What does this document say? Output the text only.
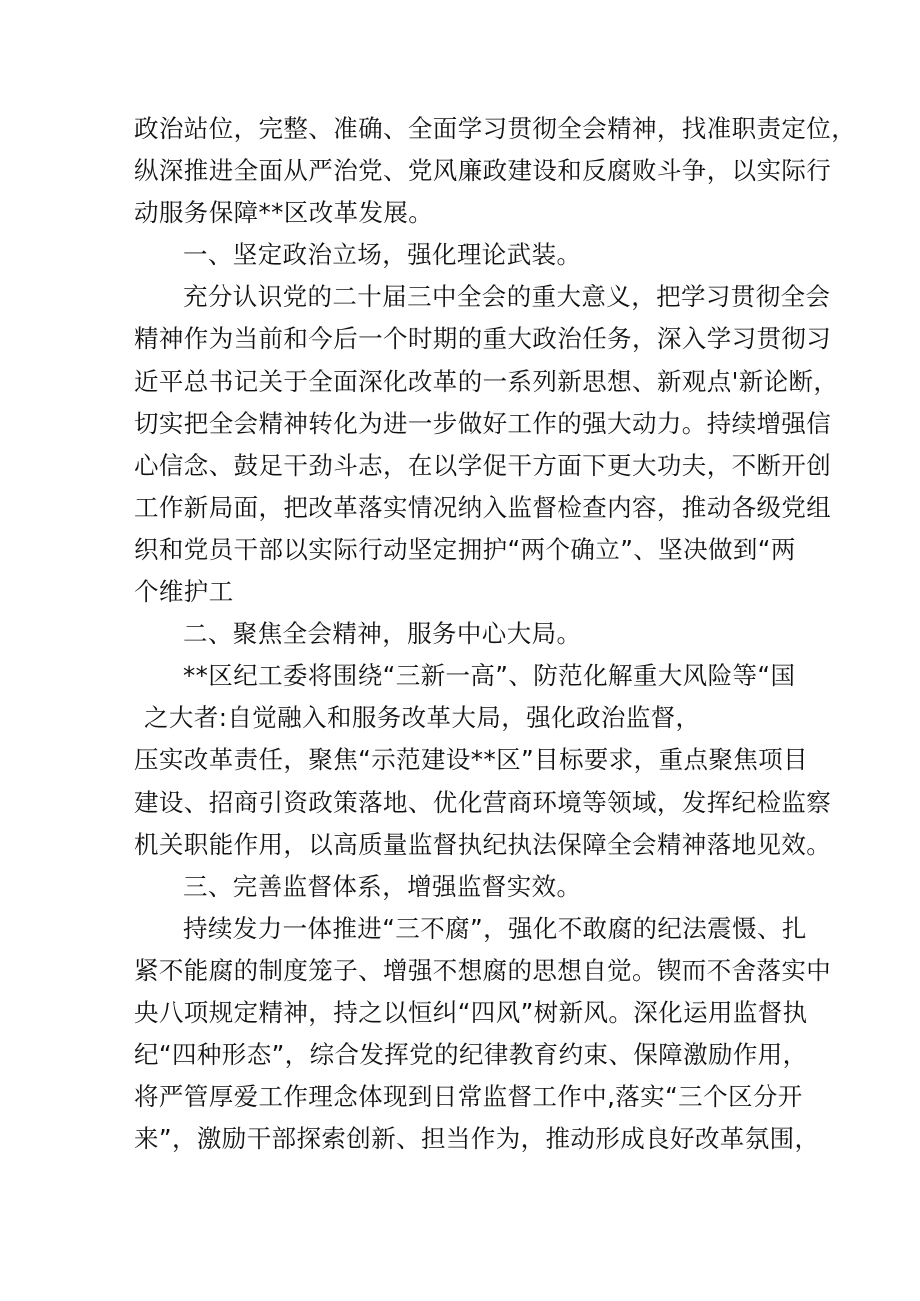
政治站位，完整、准确、全面学习贯彻全会精神，找准职责定位，
纵深推进全面从严治党、党风廉政建设和反腐败斗争，以实际行
动服务保障**区改革发展。
一、坚定政治立场，强化理论武装。
充分认识党的二十届三中全会的重大意义，把学习贯彻全会
精神作为当前和今后一个时期的重大政治任务，深入学习贯彻习
近平总书记关于全面深化改革的一系列新思想、新观点'新论断，
切实把全会精神转化为进一步做好工作的强大动力。持续增强信
心信念、鼓足干劲斗志，在以学促干方面下更大功夫，不断开创
工作新局面，把改革落实情况纳入监督检查内容，推动各级党组
织和党员干部以实际行动坚定拥护“两个确立”、坚决做到“两
个维护工
二、聚焦全会精神，服务中心大局。
**区纪工委将围绕“三新一高”、防范化解重大风险等“国
之大者:自觉融入和服务改革大局，强化政治监督，
压实改革责任，聚焦“示范建设**区”目标要求，重点聚焦项目
建设、招商引资政策落地、优化营商环境等领域，发挥纪检监察
机关职能作用，以高质量监督执纪执法保障全会精神落地见效。
三、完善监督体系，增强监督实效。
持续发力一体推进“三不腐”，强化不敢腐的纪法震慑、扎
紧不能腐的制度笼子、增强不想腐的思想自觉。锲而不舍落实中
央八项规定精神，持之以恒纠“四风”树新风。深化运用监督执
纪“四种形态”，综合发挥党的纪律教育约束、保障激励作用，
将严管厚爱工作理念体现到日常监督工作中,落实“三个区分开
来”，激励干部探索创新、担当作为，推动形成良好改革氛围，
